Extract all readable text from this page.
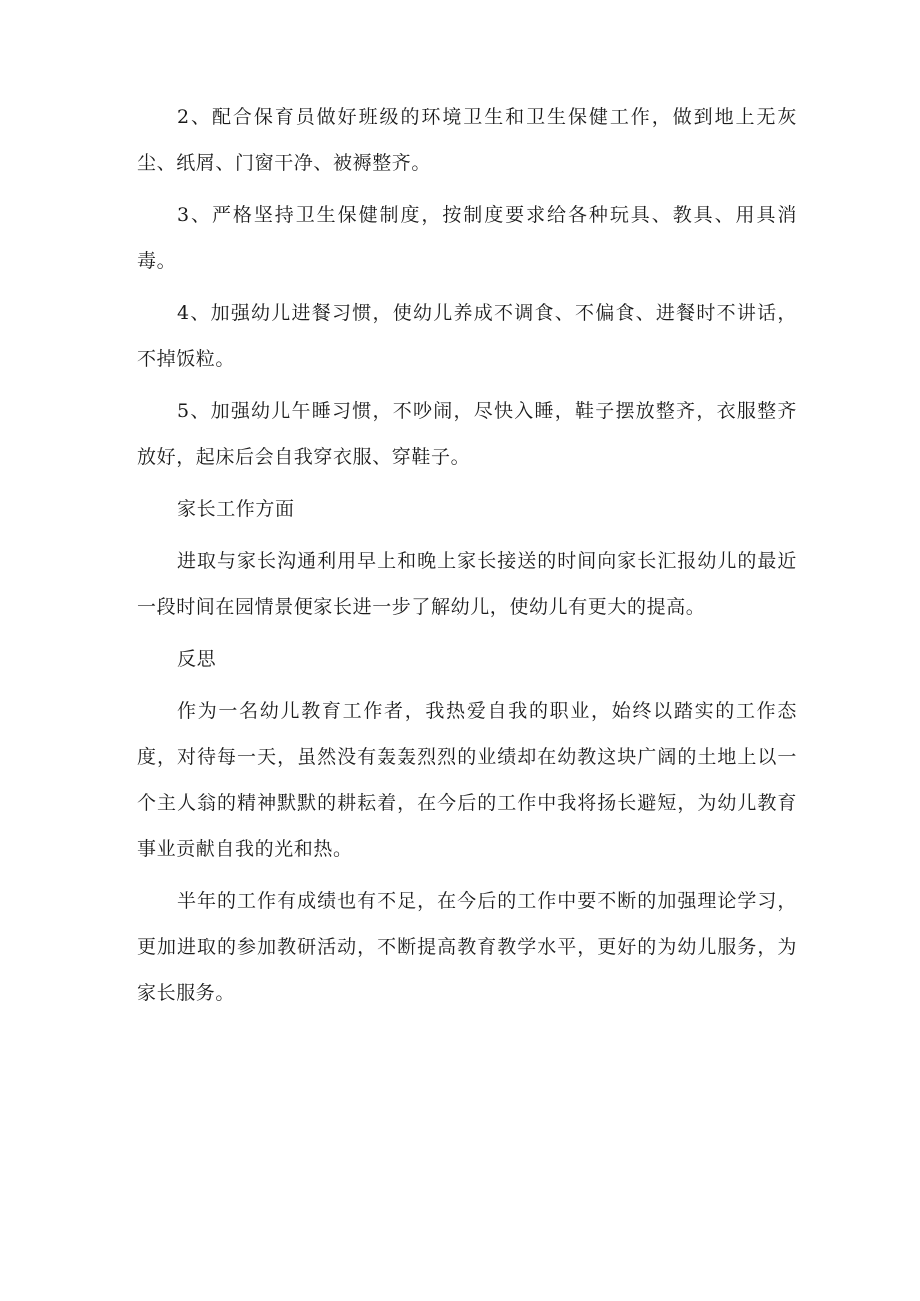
2、配合保育员做好班级的环境卫生和卫生保健工作，做到地上无灰尘、纸屑、门窗干净、被褥整齐。

3、严格坚持卫生保健制度，按制度要求给各种玩具、教具、用具消毒。

4、加强幼儿进餐习惯，使幼儿养成不调食、不偏食、进餐时不讲话，不掉饭粒。

5、加强幼儿午睡习惯，不吵闹，尽快入睡，鞋子摆放整齐，衣服整齐放好，起床后会自我穿衣服、穿鞋子。

家长工作方面

进取与家长沟通利用早上和晚上家长接送的时间向家长汇报幼儿的最近一段时间在园情景便家长进一步了解幼儿，使幼儿有更大的提高。

反思

作为一名幼儿教育工作者，我热爱自我的职业，始终以踏实的工作态度，对待每一天，虽然没有轰轰烈烈的业绩却在幼教这块广阔的土地上以一个主人翁的精神默默的耕耘着，在今后的工作中我将扬长避短，为幼儿教育事业贡献自我的光和热。

半年的工作有成绩也有不足，在今后的工作中要不断的加强理论学习，更加进取的参加教研活动，不断提高教育教学水平，更好的为幼儿服务，为家长服务。
